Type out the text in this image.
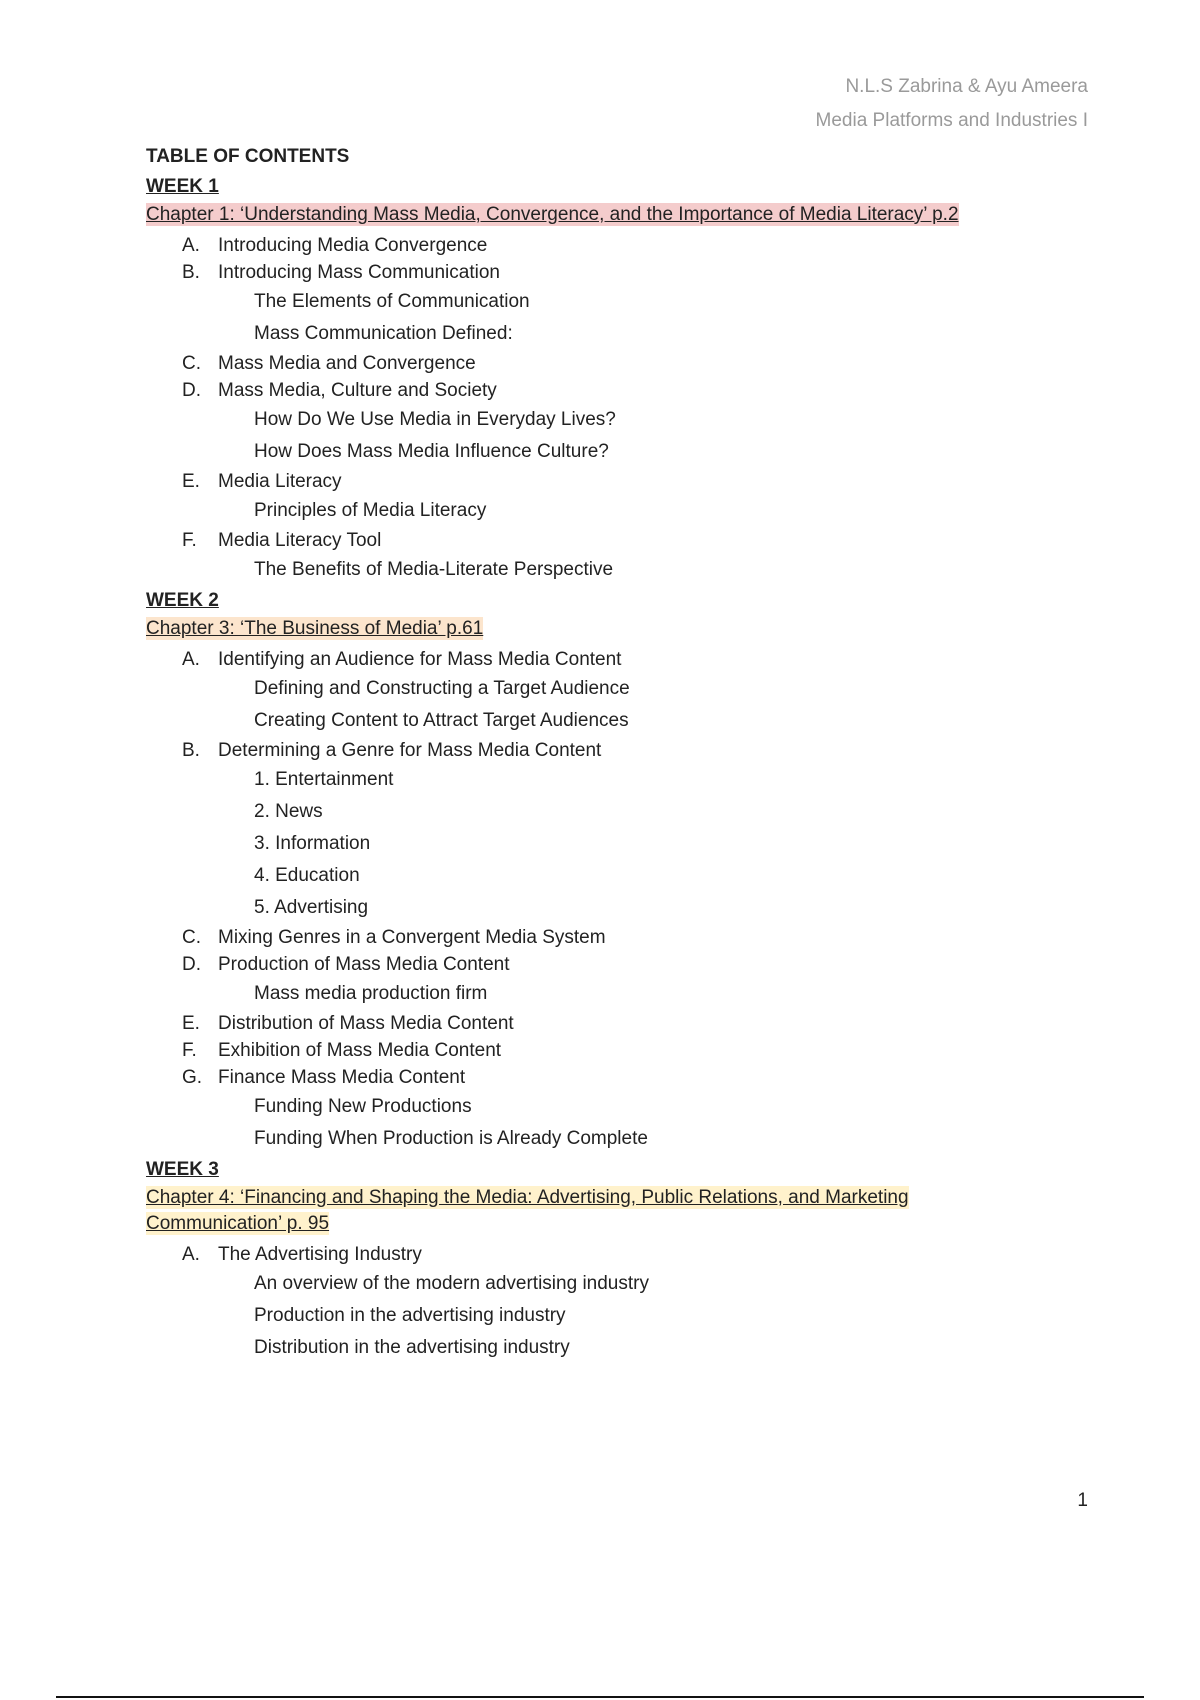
N.L.S Zabrina & Ayu Ameera
Media Platforms and Industries I
TABLE OF CONTENTS
WEEK 1
Chapter 1: ‘Understanding Mass Media, Convergence, and the Importance of Media Literacy’ p.2
A. Introducing Media Convergence
B. Introducing Mass Communication
The Elements of Communication
Mass Communication Defined:
C. Mass Media and Convergence
D. Mass Media, Culture and Society
How Do We Use Media in Everyday Lives?
How Does Mass Media Influence Culture?
E. Media Literacy
Principles of Media Literacy
F. Media Literacy Tool
The Benefits of Media-Literate Perspective
WEEK 2
Chapter 3: ‘The Business of Media’ p.61
A. Identifying an Audience for Mass Media Content
Defining and Constructing a Target Audience
Creating Content to Attract Target Audiences
B. Determining a Genre for Mass Media Content
1. Entertainment
2. News
3. Information
4. Education
5. Advertising
C. Mixing Genres in a Convergent Media System
D. Production of Mass Media Content
Mass media production firm
E. Distribution of Mass Media Content
F. Exhibition of Mass Media Content
G. Finance Mass Media Content
Funding New Productions
Funding When Production is Already Complete
WEEK 3
Chapter 4: ‘Financing and Shaping the Media: Advertising, Public Relations, and Marketing
Communication’ p. 95
A. The Advertising Industry
An overview of the modern advertising industry
Production in the advertising industry
Distribution in the advertising industry
1
